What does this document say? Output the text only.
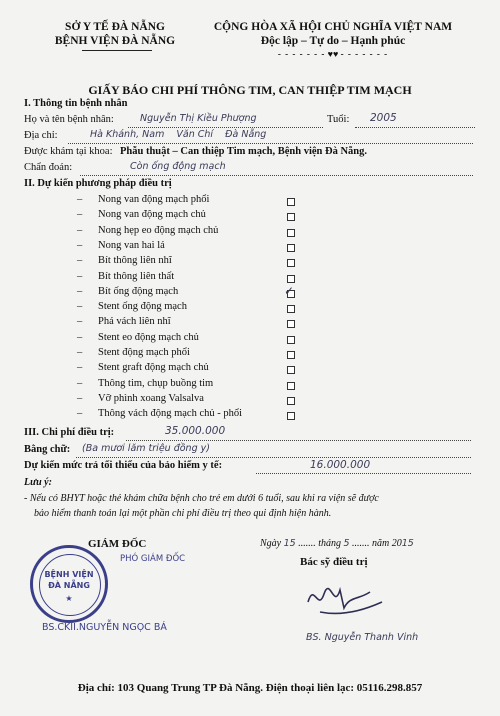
SỞ Y TẾ ĐÀ NẴNG
BỆNH VIỆN ĐÀ NẴNG
CỘNG HÒA XÃ HỘI CHỦ NGHĨA VIỆT NAM
Độc lập – Tự do – Hạnh phúc
- - - - - - - ♥♥ - - - - - - -
GIẤY BÁO CHI PHÍ THÔNG TIM, CAN THIỆP TIM MẠCH
I. Thông tin bệnh nhân
Họ và tên bệnh nhân:	Nguyễn Thị Kiều Phượng	Tuổi: 2005
Địa chỉ:	Hà Khánh, Nam    Văn Chí    Đà Nẵng
Được khám tại khoa: Phẫu thuật – Can thiệp Tim mạch, Bệnh viện Đà Nẵng.
Chẩn đoán:	Còn ống động mạch
II. Dự kiến phương pháp điều trị
– Nong van động mạch phổi
– Nong van động mạch chủ
– Nong hẹp eo động mạch chủ
– Nong van hai lá
– Bít thông liên nhĩ
– Bít thông liên thất
– Bít ống động mạch	✓
– Stent ống động mạch
– Phá vách liên nhĩ
– Stent eo động mạch chủ
– Stent động mạch phổi
– Stent graft động mạch chủ
– Thông tim, chụp buồng tim
– Vỡ phình xoang Valsalva
– Thông vách động mạch chủ - phổi
III. Chi phí điều trị:	35.000.000
Bằng chữ: (Ba mươi lăm triệu đồng y)
Dự kiến mức trả tối thiểu của bảo hiểm y tế:	16.000.000
Lưu ý:
- Nếu có BHYT hoặc thẻ khám chữa bệnh cho trẻ em dưới 6 tuổi, sau khi ra viện sẽ được
bảo hiểm thanh toán lại một phần chi phí điều trị theo qui định hiện hành.
Ngày 15 ....... tháng 5 ....... năm 2015
GIÁM ĐỐC
BỆNH VIỆN
ĐÀ NẴNG
★
PHÓ GIÁM ĐỐC
BS.CKII.NGUYỄN NGỌC BÁ
Bác sỹ điều trị
BS. Nguyễn Thanh Vinh
Địa chỉ: 103 Quang Trung TP Đà Nẵng. Điện thoại liên lạc: 05116.298.857
